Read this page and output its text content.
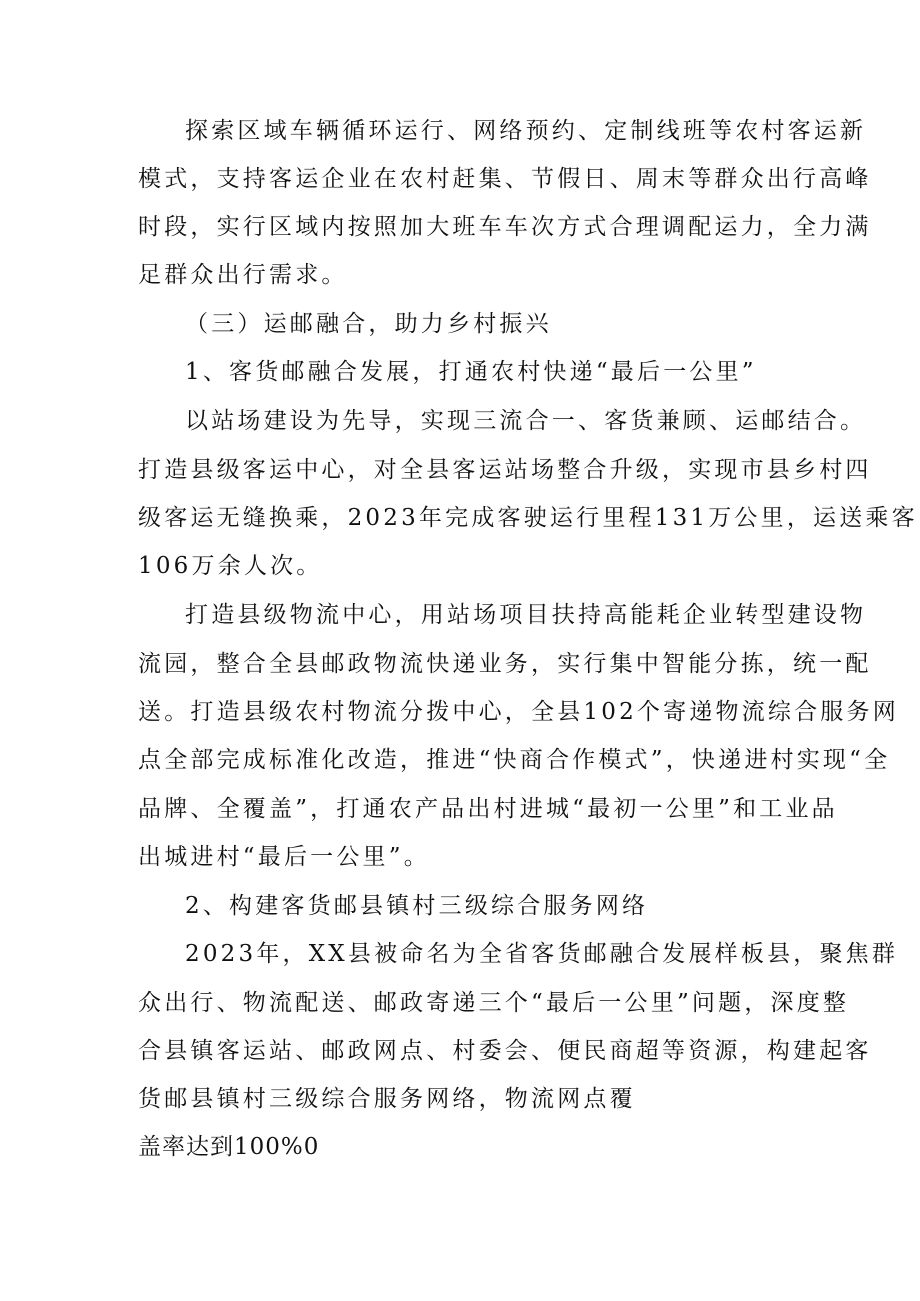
探索区域车辆循环运行、网络预约、定制线班等农村客运新
模式，支持客运企业在农村赶集、节假日、周末等群众出行高峰
时段，实行区域内按照加大班车车次方式合理调配运力，全力满
足群众出行需求。
（三）运邮融合，助力乡村振兴
1、客货邮融合发展，打通农村快递“最后一公里”
以站场建设为先导，实现三流合一、客货兼顾、运邮结合。
打造县级客运中心，对全县客运站场整合升级，实现市县乡村四
级客运无缝换乘，2023年完成客驶运行里程131万公里，运送乘客
106万余人次。
打造县级物流中心，用站场项目扶持高能耗企业转型建设物
流园，整合全县邮政物流快递业务，实行集中智能分拣，统一配
送。打造县级农村物流分拨中心，全县102个寄递物流综合服务网
点全部完成标准化改造，推进“快商合作模式”，快递进村实现“全
品牌、全覆盖”，打通农产品出村进城“最初一公里”和工业品
出城进村“最后一公里”。
2、构建客货邮县镇村三级综合服务网络
2023年，XX县被命名为全省客货邮融合发展样板县，聚焦群
众出行、物流配送、邮政寄递三个“最后一公里”问题，深度整
合县镇客运站、邮政网点、村委会、便民商超等资源，构建起客
货邮县镇村三级综合服务网络，物流网点覆
盖率达到100%0
